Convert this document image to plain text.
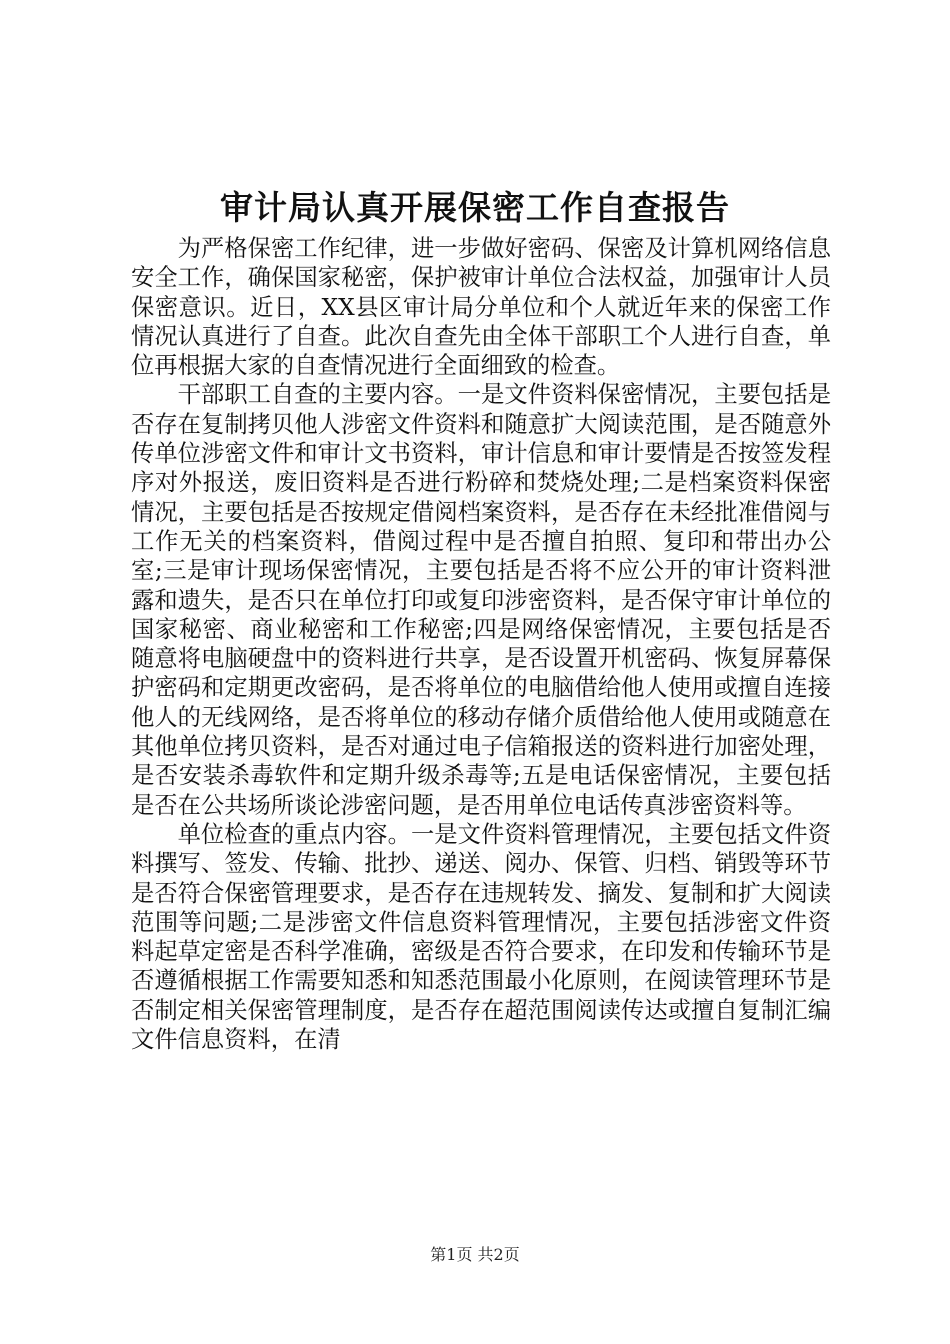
审计局认真开展保密工作自查报告

为严格保密工作纪律，进一步做好密码、保密及计算机网络信息安全工作，确保国家秘密，保护被审计单位合法权益，加强审计人员保密意识。近日，XX县区审计局分单位和个人就近年来的保密工作情况认真进行了自查。此次自查先由全体干部职工个人进行自查，单位再根据大家的自查情况进行全面细致的检查。

干部职工自查的主要内容。一是文件资料保密情况，主要包括是否存在复制拷贝他人涉密文件资料和随意扩大阅读范围，是否随意外传单位涉密文件和审计文书资料，审计信息和审计要情是否按签发程序对外报送，废旧资料是否进行粉碎和焚烧处理;二是档案资料保密情况，主要包括是否按规定借阅档案资料，是否存在未经批准借阅与工作无关的档案资料，借阅过程中是否擅自拍照、复印和带出办公室;三是审计现场保密情况，主要包括是否将不应公开的审计资料泄露和遗失，是否只在单位打印或复印涉密资料，是否保守审计单位的国家秘密、商业秘密和工作秘密;四是网络保密情况，主要包括是否随意将电脑硬盘中的资料进行共享，是否设置开机密码、恢复屏幕保护密码和定期更改密码，是否将单位的电脑借给他人使用或擅自连接他人的无线网络，是否将单位的移动存储介质借给他人使用或随意在其他单位拷贝资料，是否对通过电子信箱报送的资料进行加密处理，是否安装杀毒软件和定期升级杀毒等;五是电话保密情况，主要包括是否在公共场所谈论涉密问题，是否用单位电话传真涉密资料等。

单位检查的重点内容。一是文件资料管理情况，主要包括文件资料撰写、签发、传输、批抄、递送、阅办、保管、归档、销毁等环节是否符合保密管理要求，是否存在违规转发、摘发、复制和扩大阅读范围等问题;二是涉密文件信息资料管理情况，主要包括涉密文件资料起草定密是否科学准确，密级是否符合要求，在印发和传输环节是否遵循根据工作需要知悉和知悉范围最小化原则，在阅读管理环节是否制定相关保密管理制度，是否存在超范围阅读传达或擅自复制汇编文件信息资料，在清

第1页 共2页
